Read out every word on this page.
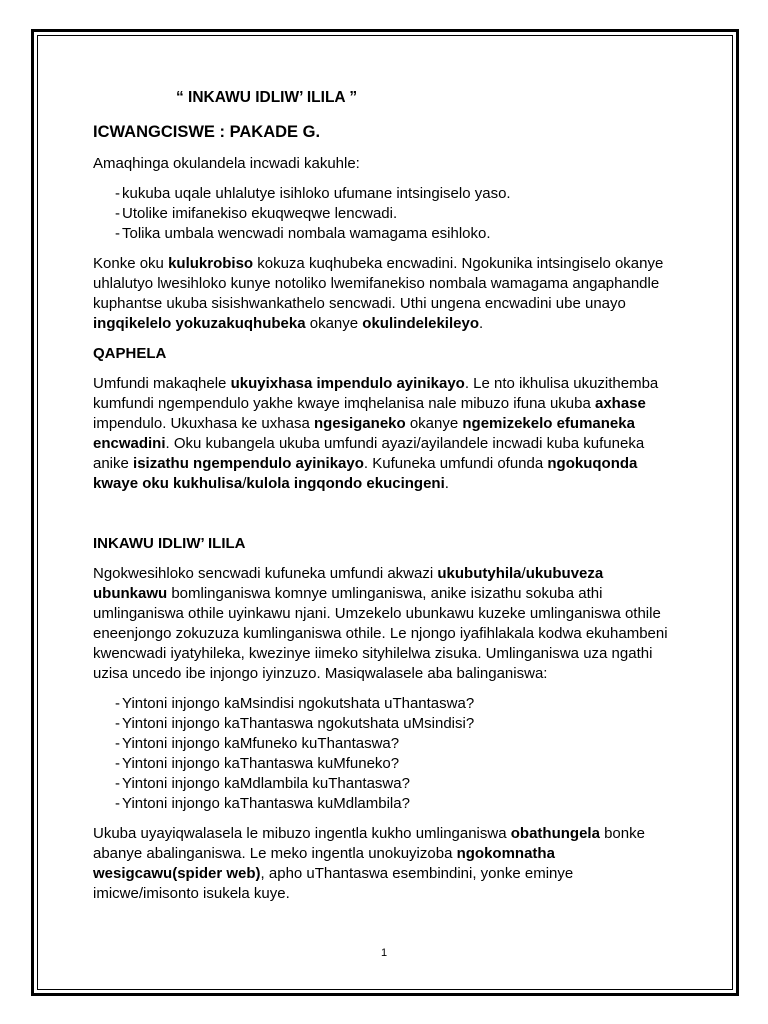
“ INKAWU IDLIW’ ILILA ”
ICWANGCISWE : PAKADE G.

Amaqhinga okulandela incwadi kakuhle:

- kukuba uqale uhlalutye isihloko ufumane intsingiselo yaso.
- Utolike imifanekiso ekuqweqwe lencwadi.
- Tolika umbala wencwadi nombala wamagama esihloko.

Konke oku kulukrobiso kokuza kuqhubeka encwadini. Ngokunika intsingiselo okanye uhlalutyo lwesihloko kunye notoliko lwemifanekiso nombala wamagama angaphandle kuphantse ukuba sisishwankathelo sencwadi. Uthi ungena encwadini ube unayo ingqikelelo yokuzakuqhubeka okanye okulindelekileyo.

QAPHELA

Umfundi makaqhele ukuyixhasa impendulo ayinikayo. Le nto ikhulisa ukuzithemba kumfundi ngempendulo yakhe kwaye imqhelanisa nale mibuzo ifuna ukuba axhase impendulo. Ukuxhasa ke uxhasa ngesiganeko okanye ngemizekelo efumaneka encwadini. Oku kubangela ukuba umfundi ayazi/ayilandele incwadi kuba kufuneka anike isizathu ngempendulo ayinikayo. Kufuneka umfundi ofunda ngokuqonda kwaye oku kukhulisa/kulola ingqondo ekucingeni.

INKAWU IDLIW’ ILILA

Ngokwesihloko sencwadi kufuneka umfundi akwazi ukubutyhila/ukubuveza ubunkawu bomlinganiswa komnye umlinganiswa, anike isizathu sokuba athi umlinganiswa othile uyinkawu njani. Umzekelo ubunkawu kuzeke umlinganiswa othile eneenjongo zokuzuza kumlinganiswa othile. Le njongo iyafihlakala kodwa ekuhambeni kwencwadi iyatyhileka, kwezinye iimeko sityhilelwa zisuka. Umlinganiswa uza ngathi uzisa uncedo ibe injongo iyinzuzo. Masiqwalasele aba balinganiswa:

- Yintoni injongo kaMsindisi ngokutshata uThantaswa?
- Yintoni injongo kaThantaswa ngokutshata uMsindisi?
- Yintoni injongo kaMfuneko kuThantaswa?
- Yintoni injongo kaThantaswa kuMfuneko?
- Yintoni injongo kaMdlambila kuThantaswa?
- Yintoni injongo kaThantaswa kuMdlambila?

Ukuba uyayiqwalasela le mibuzo ingentla kukho umlinganiswa obathungela bonke abanye abalinganiswa. Le meko ingentla unokuyizoba ngokomnatha wesigcawu(spider web), apho uThantaswa esembindini, yonke eminye imicwe/imisonto isukela kuye.

1
